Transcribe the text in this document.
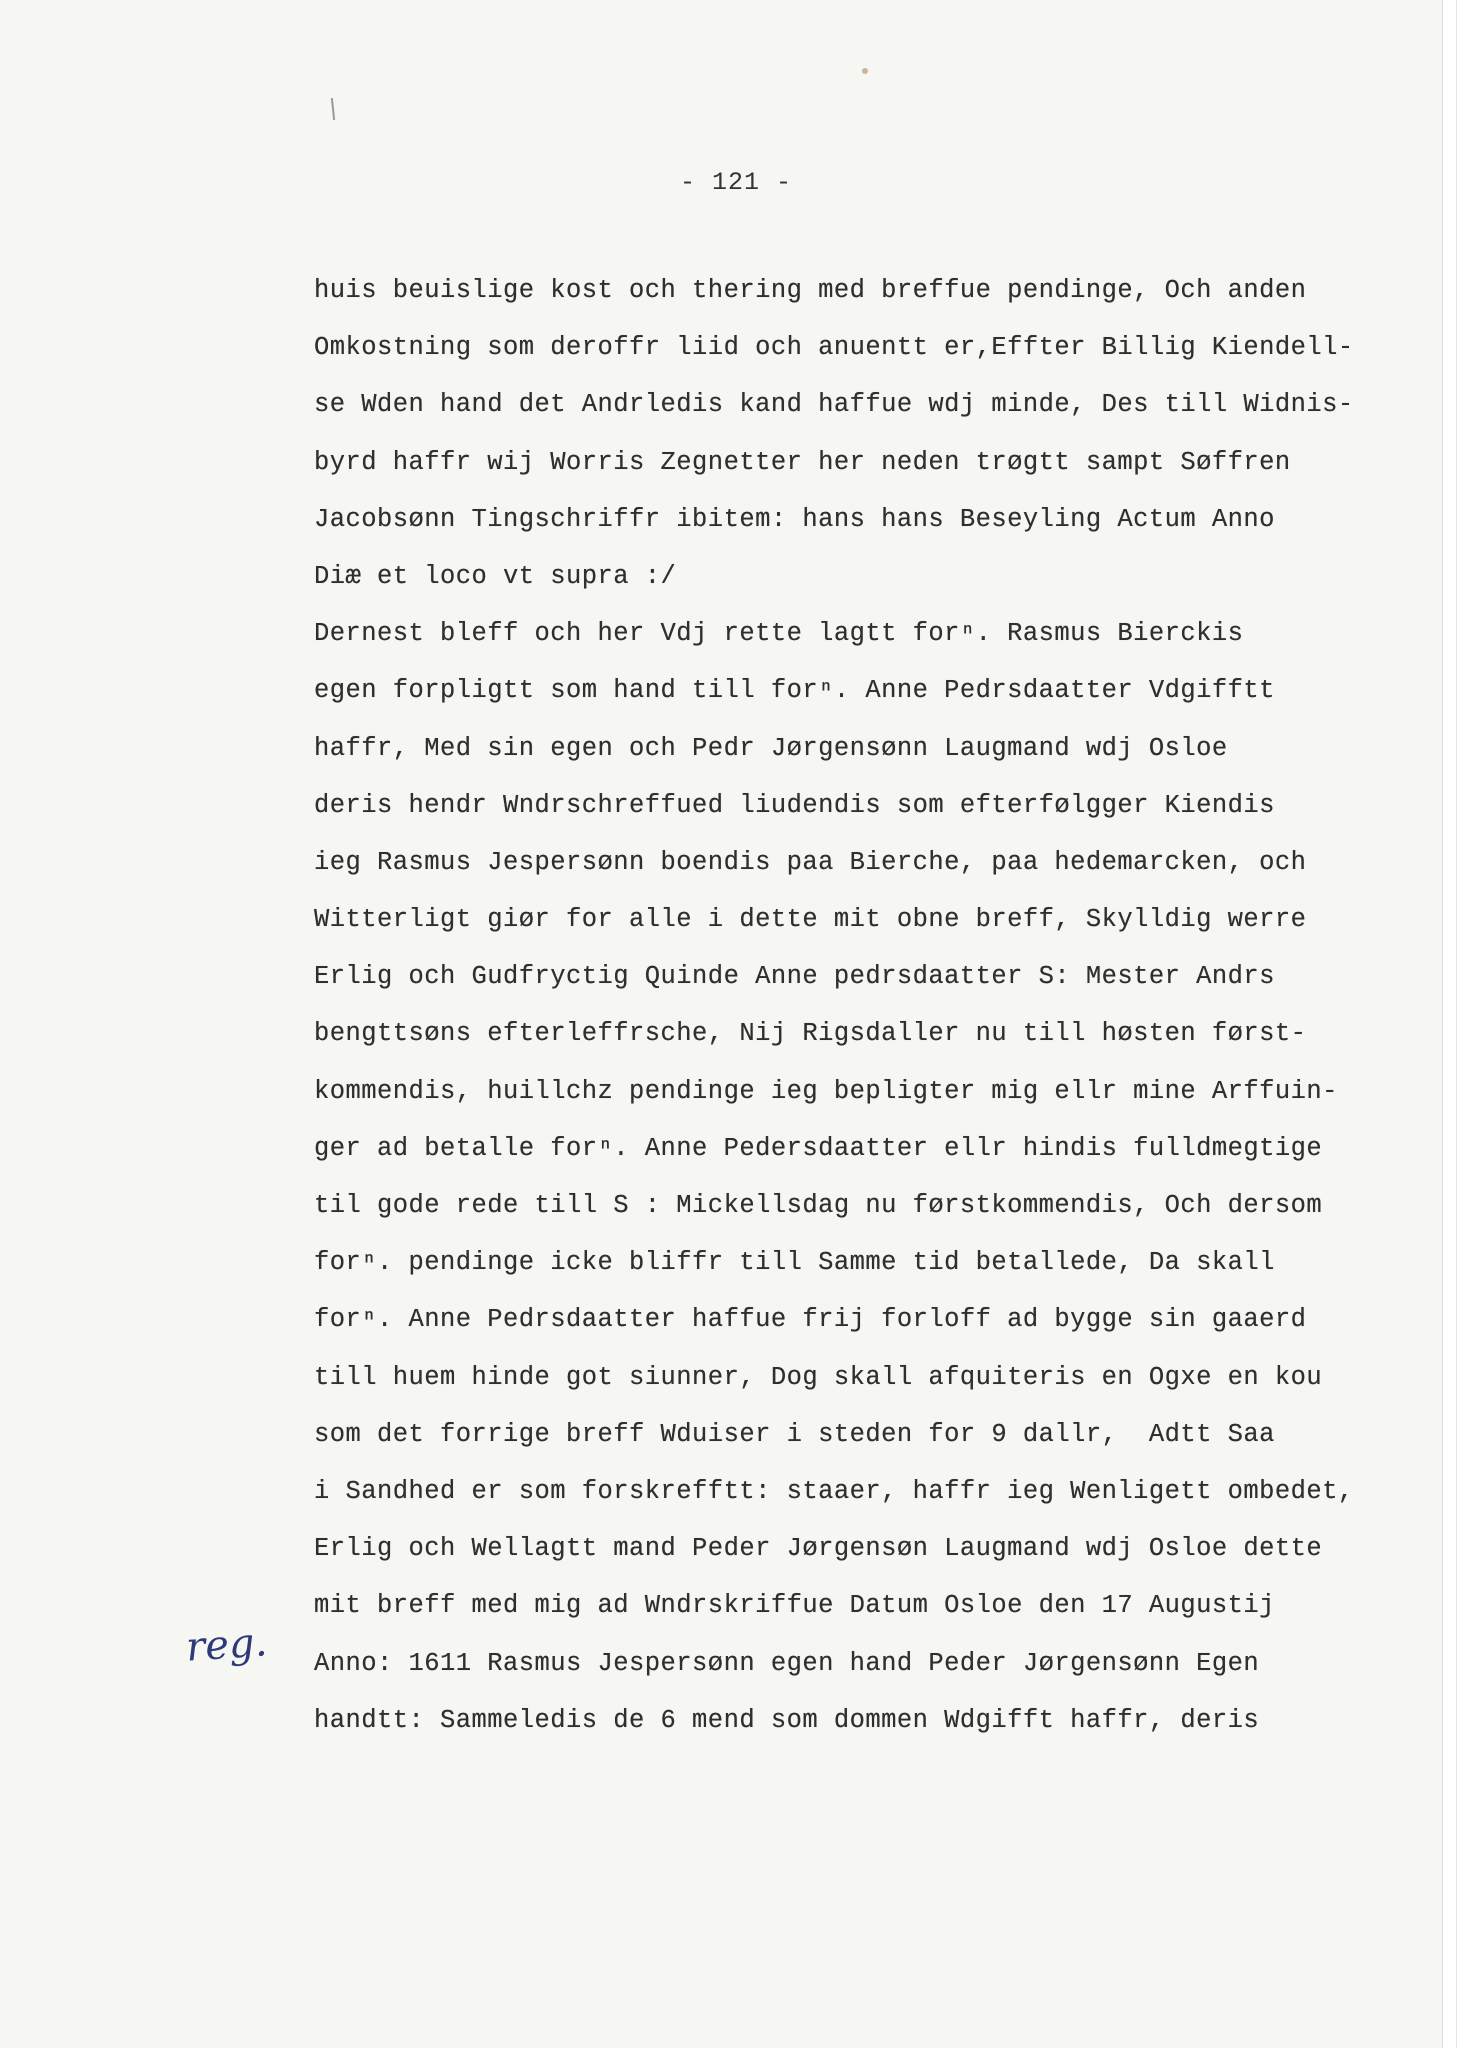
- 121 -
reg.
huis beuislige kost och thering med breffue pendinge, Och anden
Omkostning som deroffr liid och anuentt er,Effter Billig Kiendell-
se Wden hand det Andrledis kand haffue wdj minde, Des till Widnis-
byrd haffr wij Worris Zegnetter her neden trøgtt sampt Søffren
Jacobsønn Tingschriffr ibitem: hans hans Beseyling Actum Anno
Diæ et loco vt supra :/
Dernest bleff och her Vdj rette lagtt forⁿ. Rasmus Bierckis
egen forpligtt som hand till forⁿ. Anne Pedrsdaatter Vdgifftt
haffr, Med sin egen och Pedr Jørgensønn Laugmand wdj Osloe
deris hendr Wndrschreffued liudendis som efterfølgger Kiendis
ieg Rasmus Jespersønn boendis paa Bierche, paa hedemarcken, och
Witterligt giør for alle i dette mit obne breff, Skylldig werre
Erlig och Gudfryctig Quinde Anne pedrsdaatter S: Mester Andrs
bengttsøns efterleffrsche, Nij Rigsdaller nu till høsten først-
kommendis, huillchz pendinge ieg bepligter mig ellr mine Arffuin-
ger ad betalle forⁿ. Anne Pedersdaatter ellr hindis fulldmegtige
til gode rede till S : Mickellsdag nu førstkommendis, Och dersom
forⁿ. pendinge icke bliffr till Samme tid betallede, Da skall
forⁿ. Anne Pedrsdaatter haffue frij forloff ad bygge sin gaaerd
till huem hinde got siunner, Dog skall afquiteris en Ogxe en kou
som det forrige breff Wduiser i steden for 9 dallr,  Adtt Saa
i Sandhed er som forskrefftt: staaer, haffr ieg Wenligett ombedet,
Erlig och Wellagtt mand Peder Jørgensøn Laugmand wdj Osloe dette
mit breff med mig ad Wndrskriffue Datum Osloe den 17 Augustij
Anno: 1611 Rasmus Jespersønn egen hand Peder Jørgensønn Egen
handtt: Sammeledis de 6 mend som dommen Wdgifft haffr, deris
